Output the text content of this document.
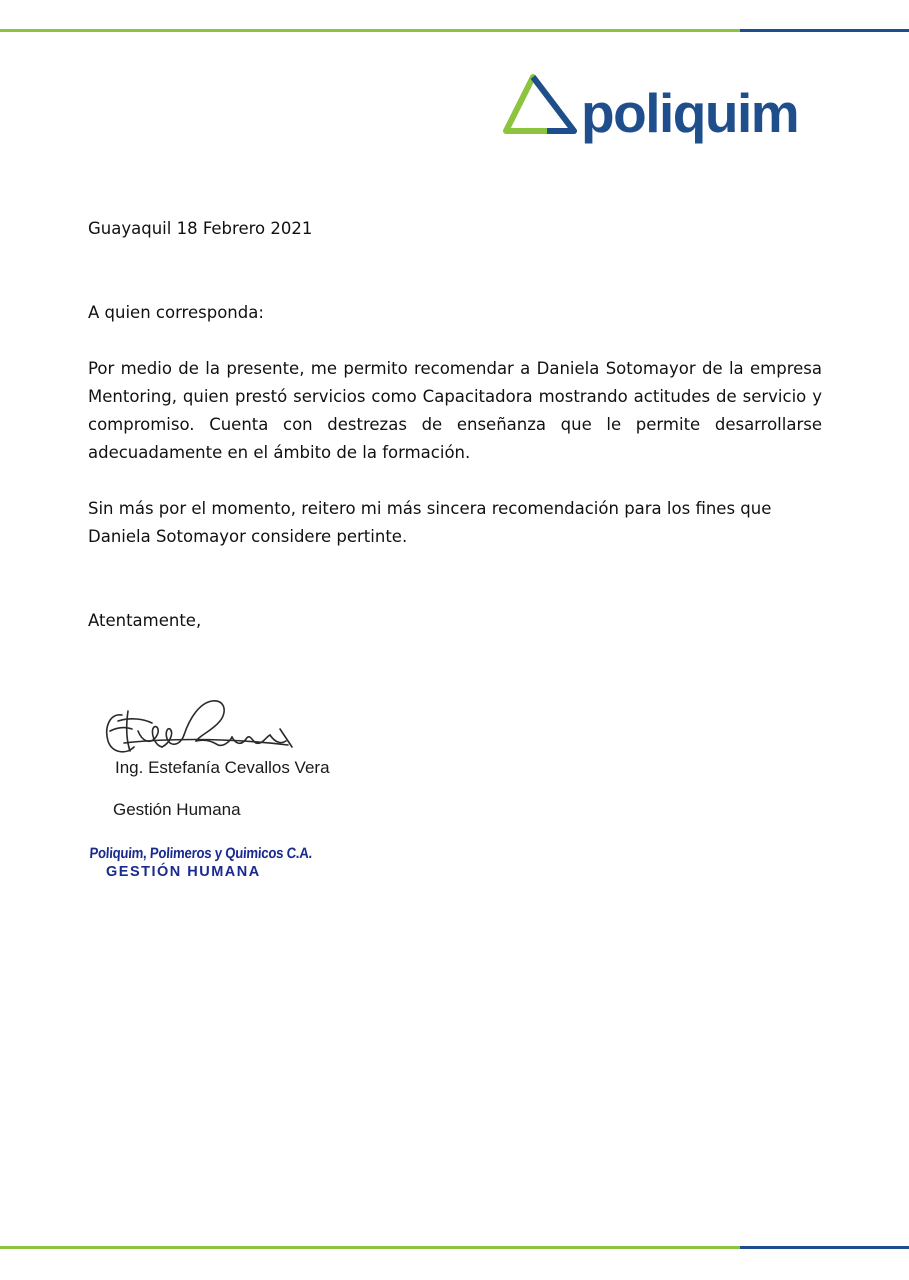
poliquim

Guayaquil 18 Febrero 2021

A quien corresponda:

Por medio de la presente, me permito recomendar a Daniela Sotomayor de la empresa Mentoring, quien prestó servicios como Capacitadora mostrando actitudes de servicio y compromiso. Cuenta con destrezas de enseñanza que le permite desarrollarse adecuadamente en el ámbito de la formación.

Sin más por el momento, reitero mi más sincera recomendación para los fines que Daniela Sotomayor considere pertinte.

Atentamente,

Ing. Estefanía Cevallos Vera

Gestión Humana

Poliquim, Polimeros y Quimicos C.A.
GESTIÓN HUMANA
